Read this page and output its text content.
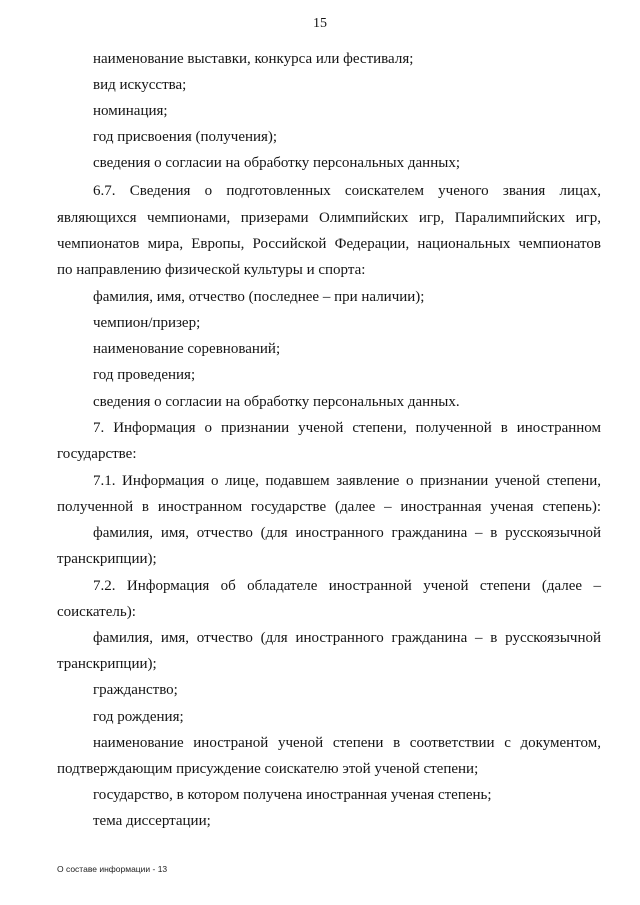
15
наименование выставки, конкурса или фестиваля;
вид искусства;
номинация;
год присвоения (получения);
сведения о согласии на обработку персональных данных;
6.7. Сведения о подготовленных соискателем ученого звания лицах,
являющихся чемпионами, призерами Олимпийских игр, Паралимпийских игр,
чемпионатов мира, Европы, Российской Федерации, национальных чемпионатов
по направлению физической культуры и спорта:
фамилия, имя, отчество (последнее – при наличии);
чемпион/призер;
наименование соревнований;
год проведения;
сведения о согласии на обработку персональных данных.
7. Информация о признании ученой степени, полученной в иностранном
государстве:
7.1. Информация о лице, подавшем заявление о признании ученой степени,
полученной в иностранном государстве (далее – иностранная ученая степень):
фамилия, имя, отчество (для иностранного гражданина – в русскоязычной
транскрипции);
7.2. Информация об обладателе иностранной ученой степени (далее –
соискатель):
фамилия, имя, отчество (для иностранного гражданина – в русскоязычной
транскрипции);
гражданство;
год рождения;
наименование иностраной ученой степени в соответствии с документом,
подтверждающим присуждение соискателю этой ученой степени;
государство, в котором получена иностранная ученая степень;
тема диссертации;
О составе информации - 13
